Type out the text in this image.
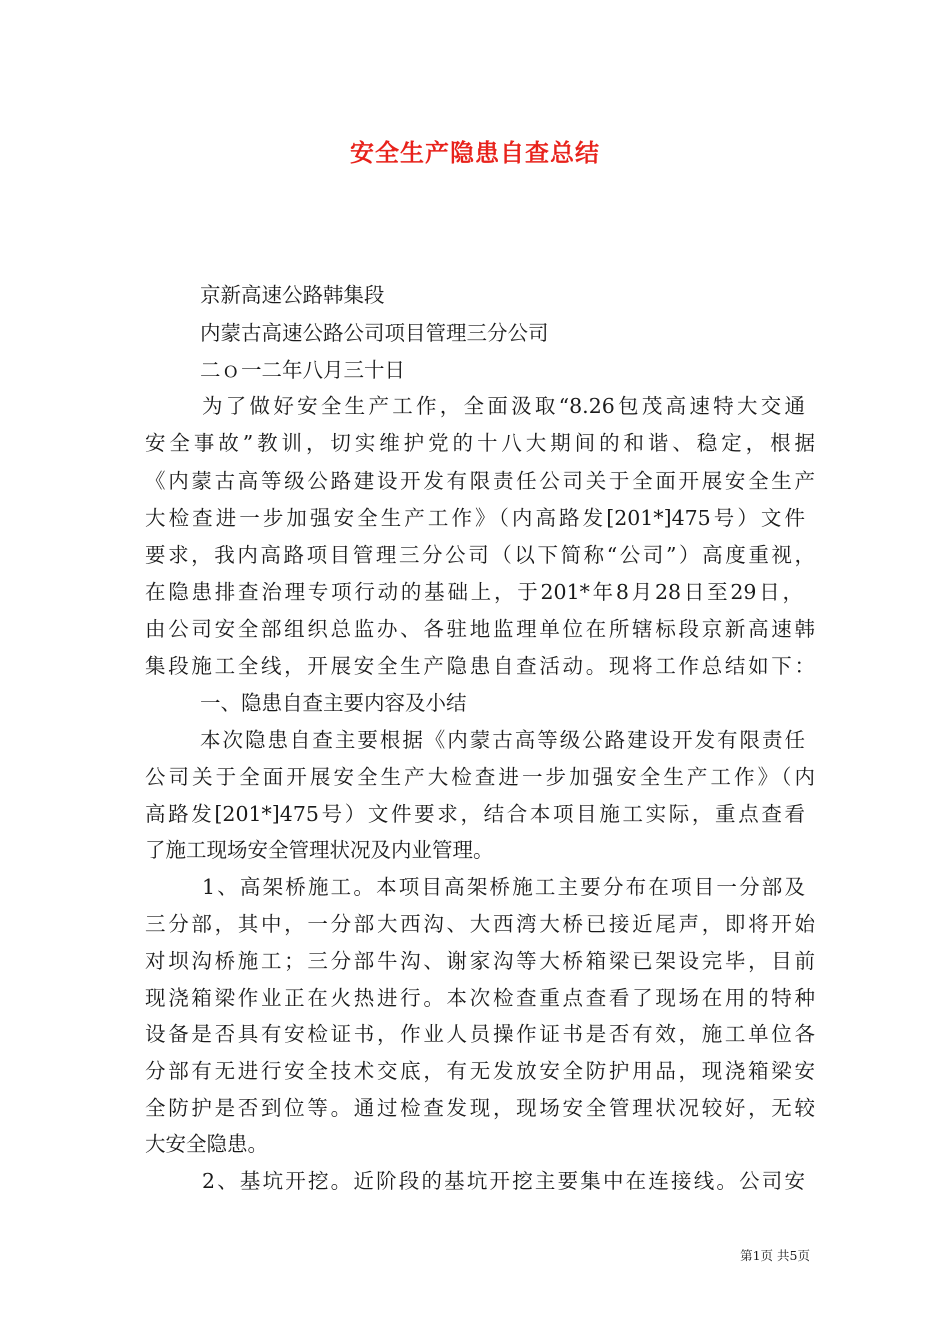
安全生产隐患自查总结
京新高速公路韩集段
内蒙古高速公路公司项目管理三分公司
二ｏ一二年八月三十日
为了做好安全生产工作，全面汲取“8.26包茂高速特大交通
安全事故”教训，切实维护党的十八大期间的和谐、稳定，根据
《内蒙古高等级公路建设开发有限责任公司关于全面开展安全生产
大检查进一步加强安全生产工作》（内高路发[201*]475号）文件
要求，我内高路项目管理三分公司（以下简称“公司”）高度重视，
在隐患排查治理专项行动的基础上，于201*年8月28日至29日，
由公司安全部组织总监办、各驻地监理单位在所辖标段京新高速韩
集段施工全线，开展安全生产隐患自查活动。现将工作总结如下：
一、隐患自查主要内容及小结
本次隐患自查主要根据《内蒙古高等级公路建设开发有限责任
公司关于全面开展安全生产大检查进一步加强安全生产工作》（内
高路发[201*]475号）文件要求，结合本项目施工实际，重点查看
了施工现场安全管理状况及内业管理。
1、高架桥施工。本项目高架桥施工主要分布在项目一分部及
三分部，其中，一分部大西沟、大西湾大桥已接近尾声，即将开始
对坝沟桥施工；三分部牛沟、谢家沟等大桥箱梁已架设完毕，目前
现浇箱梁作业正在火热进行。本次检查重点查看了现场在用的特种
设备是否具有安检证书，作业人员操作证书是否有效，施工单位各
分部有无进行安全技术交底，有无发放安全防护用品，现浇箱梁安
全防护是否到位等。通过检查发现，现场安全管理状况较好，无较
大安全隐患。
2、基坑开挖。近阶段的基坑开挖主要集中在连接线。公司安
第1页 共5页
